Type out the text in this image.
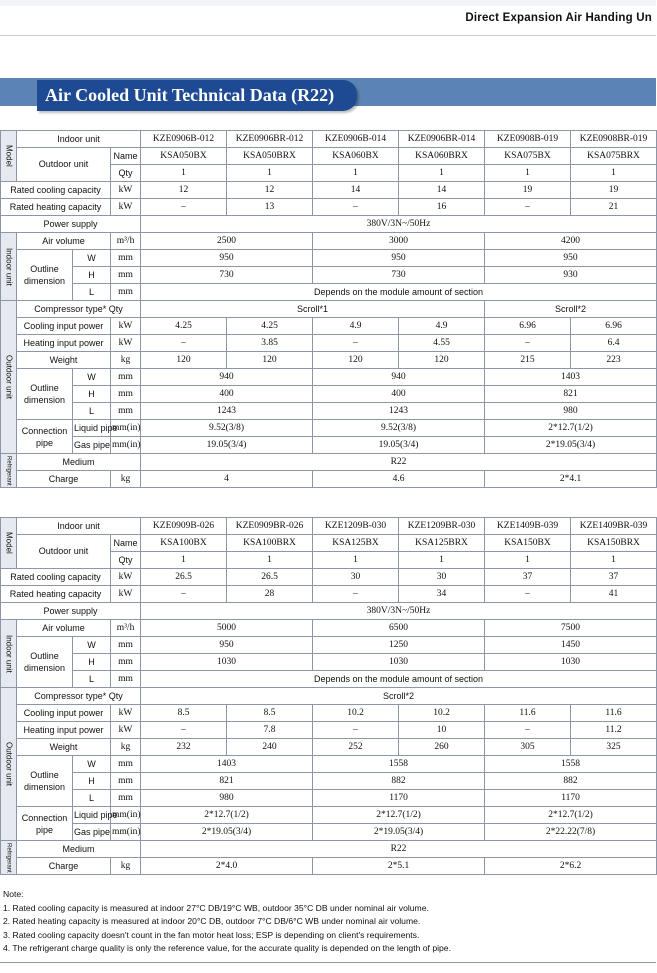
Direct Expansion Air Handing Un
Air Cooled Unit Technical Data (R22)
Model	Indoor unit			KZE0906B-012	KZE0906BR-012	KZE0906B-014	KZE0906BR-014	KZE0908B-019	KZE0908BR-019
	Outdoor unit		Name	KSA050BX	KSA050BRX	KSA060BX	KSA060BRX	KSA075BX	KSA075BRX
			Qty	1	1	1	1	1	1
Rated cooling capacity			kW	12	12	14	14	19	19
Rated heating capacity			kW	–	13	–	16	–	21
Power supply				380V/3N~/50Hz					
Indoor unit	Air volume		m³/h	2500		3000		4200	
	Outline dimension	W	mm	950		950		950	
		H	mm	730		730		930	
		L	mm	Depends on the module amount of section					
Outdoor unit	Compressor type* Qty			Scroll*1				Scroll*2	
	Cooling input power		kW	4.25	4.25	4.9	4.9	6.96	6.96
	Heating input power		kW	–	3.85	–	4.55	–	6.4
	Weight		kg	120	120	120	120	215	223
	Outline dimension	W	mm	940		940		1403	
		H	mm	400		400		821	
		L	mm	1243		1243		980	
	Connection pipe	Liquid pipe	mm(in)	9.52(3/8)		9.52(3/8)		2*12.7(1/2)	
		Gas pipe	mm(in)	19.05(3/4)		19.05(3/4)		2*19.05(3/4)	
Refrigerant	Medium			R22					
	Charge		kg	4		4.6		2*4.1	
Model	Indoor unit			KZE0909B-026	KZE0909BR-026	KZE1209B-030	KZE1209BR-030	KZE1409B-039	KZE1409BR-039
	Outdoor unit		Name	KSA100BX	KSA100BRX	KSA125BX	KSA125BRX	KSA150BX	KSA150BRX
			Qty	1	1	1	1	1	1
Rated cooling capacity			kW	26.5	26.5	30	30	37	37
Rated heating capacity			kW	–	28	–	34	–	41
Power supply				380V/3N~/50Hz					
Indoor unit	Air volume		m³/h	5000		6500		7500	
	Outline dimension	W	mm	950		1250		1450	
		H	mm	1030		1030		1030	
		L	mm	Depends on the module amount of section					
Outdoor unit	Compressor type* Qty			Scroll*2					
	Cooling input power		kW	8.5	8.5	10.2	10.2	11.6	11.6
	Heating input power		kW	–	7.8	–	10	–	11.2
	Weight		kg	232	240	252	260	305	325
	Outline dimension	W	mm	1403		1558		1558	
		H	mm	821		882		882	
		L	mm	980		1170		1170	
	Connection pipe	Liquid pipe	mm(in)	2*12.7(1/2)		2*12.7(1/2)		2*12.7(1/2)	
		Gas pipe	mm(in)	2*19.05(3/4)		2*19.05(3/4)		2*22.22(7/8)	
Refrigerant	Medium			R22					
	Charge		kg	2*4.0		2*5.1		2*6.2	
Note:
1. Rated cooling capacity is measured at indoor 27°C DB/19°C WB, outdoor 35°C DB under nominal air volume.
2. Rated heating capacity is measured at indoor 20°C DB, outdoor 7°C DB/6°C WB under nominal air volume.
3. Rated cooling capacity doesn't count in the fan motor heat loss; ESP is depending on client's requirements.
4. The refrigerant charge quality is only the reference value, for the accurate quality is depended on the length of pipe.
